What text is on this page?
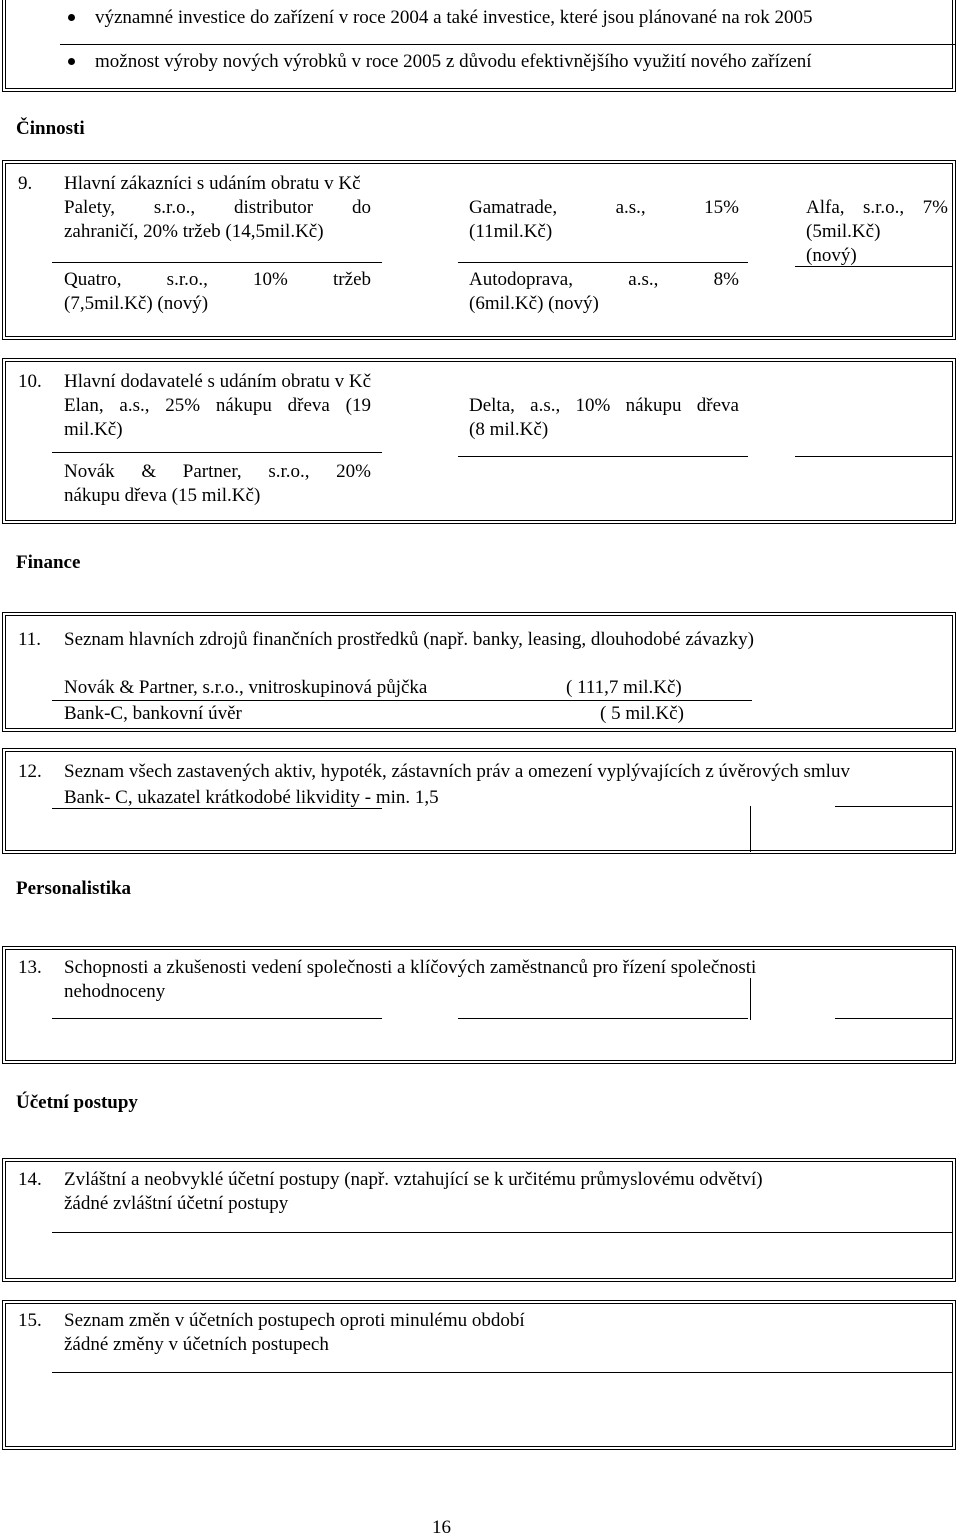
významné investice do zařízení v roce 2004 a také investice, které jsou plánované na rok 2005
možnost výroby nových výrobků v roce 2005 z důvodu efektivnějšího využití nového zařízení
Činnosti
9. Hlavní zákazníci s udáním obratu v Kč
Palety, s.r.o., distributor do
zahraničí, 20% tržeb (14,5mil.Kč)
Quatro, s.r.o., 10% tržeb
(7,5mil.Kč) (nový)
Gamatrade, a.s., 15%
(11mil.Kč)
Autodoprava, a.s., 8%
(6mil.Kč) (nový)
Alfa, s.r.o., 7%
(5mil.Kč)
(nový)
10. Hlavní dodavatelé s udáním obratu v Kč
Elan, a.s., 25% nákupu dřeva (19
mil.Kč)
Novák & Partner, s.r.o., 20%
nákupu dřeva (15 mil.Kč)
Delta, a.s., 10% nákupu dřeva
(8 mil.Kč)
Finance
11. Seznam hlavních zdrojů finančních prostředků (např. banky, leasing, dlouhodobé závazky)
Novák & Partner, s.r.o., vnitroskupinová půjčka	( 111,7 mil.Kč)
Bank-C, bankovní úvěr	( 5 mil.Kč)
12. Seznam všech zastavených aktiv, hypoték, zástavních práv a omezení vyplývajících z úvěrových smluv
Bank- C, ukazatel krátkodobé likvidity - min. 1,5
Personalistika
13. Schopnosti a zkušenosti vedení společnosti a klíčových zaměstnanců pro řízení společnosti
nehodnoceny
Účetní postupy
14. Zvláštní a neobvyklé účetní postupy (např. vztahující se k určitému průmyslovému odvětví)
žádné zvláštní účetní postupy
15. Seznam změn v účetních postupech oproti minulému období
žádné změny v účetních postupech
16
